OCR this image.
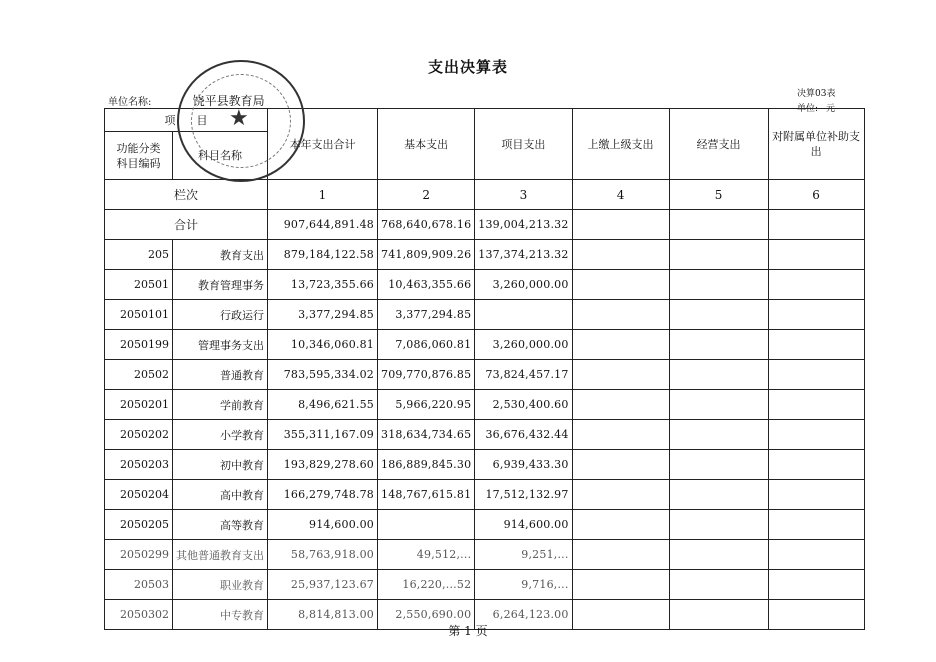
支出决算表
单位名称:	饶平县教育局	决算03表
单位: 元
项 目		本年支出合计	基本支出	项目支出	上缴上级支出	经营支出	对附属单位补助支出

功能分类
科目编码	科目名称						
栏次		1	2	3	4	5	6
合计		907,644,891.48	768,640,678.16	139,004,213.32			
205	教育支出	879,184,122.58	741,809,909.26	137,374,213.32			
20501	教育管理事务	13,723,355.66	10,463,355.66	3,260,000.00			
2050101	行政运行	3,377,294.85	3,377,294.85				
2050199	管理事务支出	10,346,060.81	7,086,060.81	3,260,000.00			
20502	普通教育	783,595,334.02	709,770,876.85	73,824,457.17			
2050201	学前教育	8,496,621.55	5,966,220.95	2,530,400.60			
2050202	小学教育	355,311,167.09	318,634,734.65	36,676,432.44			
2050203	初中教育	193,829,278.60	186,889,845.30	6,939,433.30			
2050204	高中教育	166,279,748.78	148,767,615.81	17,512,132.97			
2050205	高等教育	914,600.00		914,600.00			
2050299	其他普通教育支出	58,763,918.00	49,512,...	9,251,...			
20503	职业教育	25,937,123.67	16,220,...52	9,716,...			
2050302	中专教育	8,814,813.00	2,550,690.00	6,264,123.00			
★
第 1 页
